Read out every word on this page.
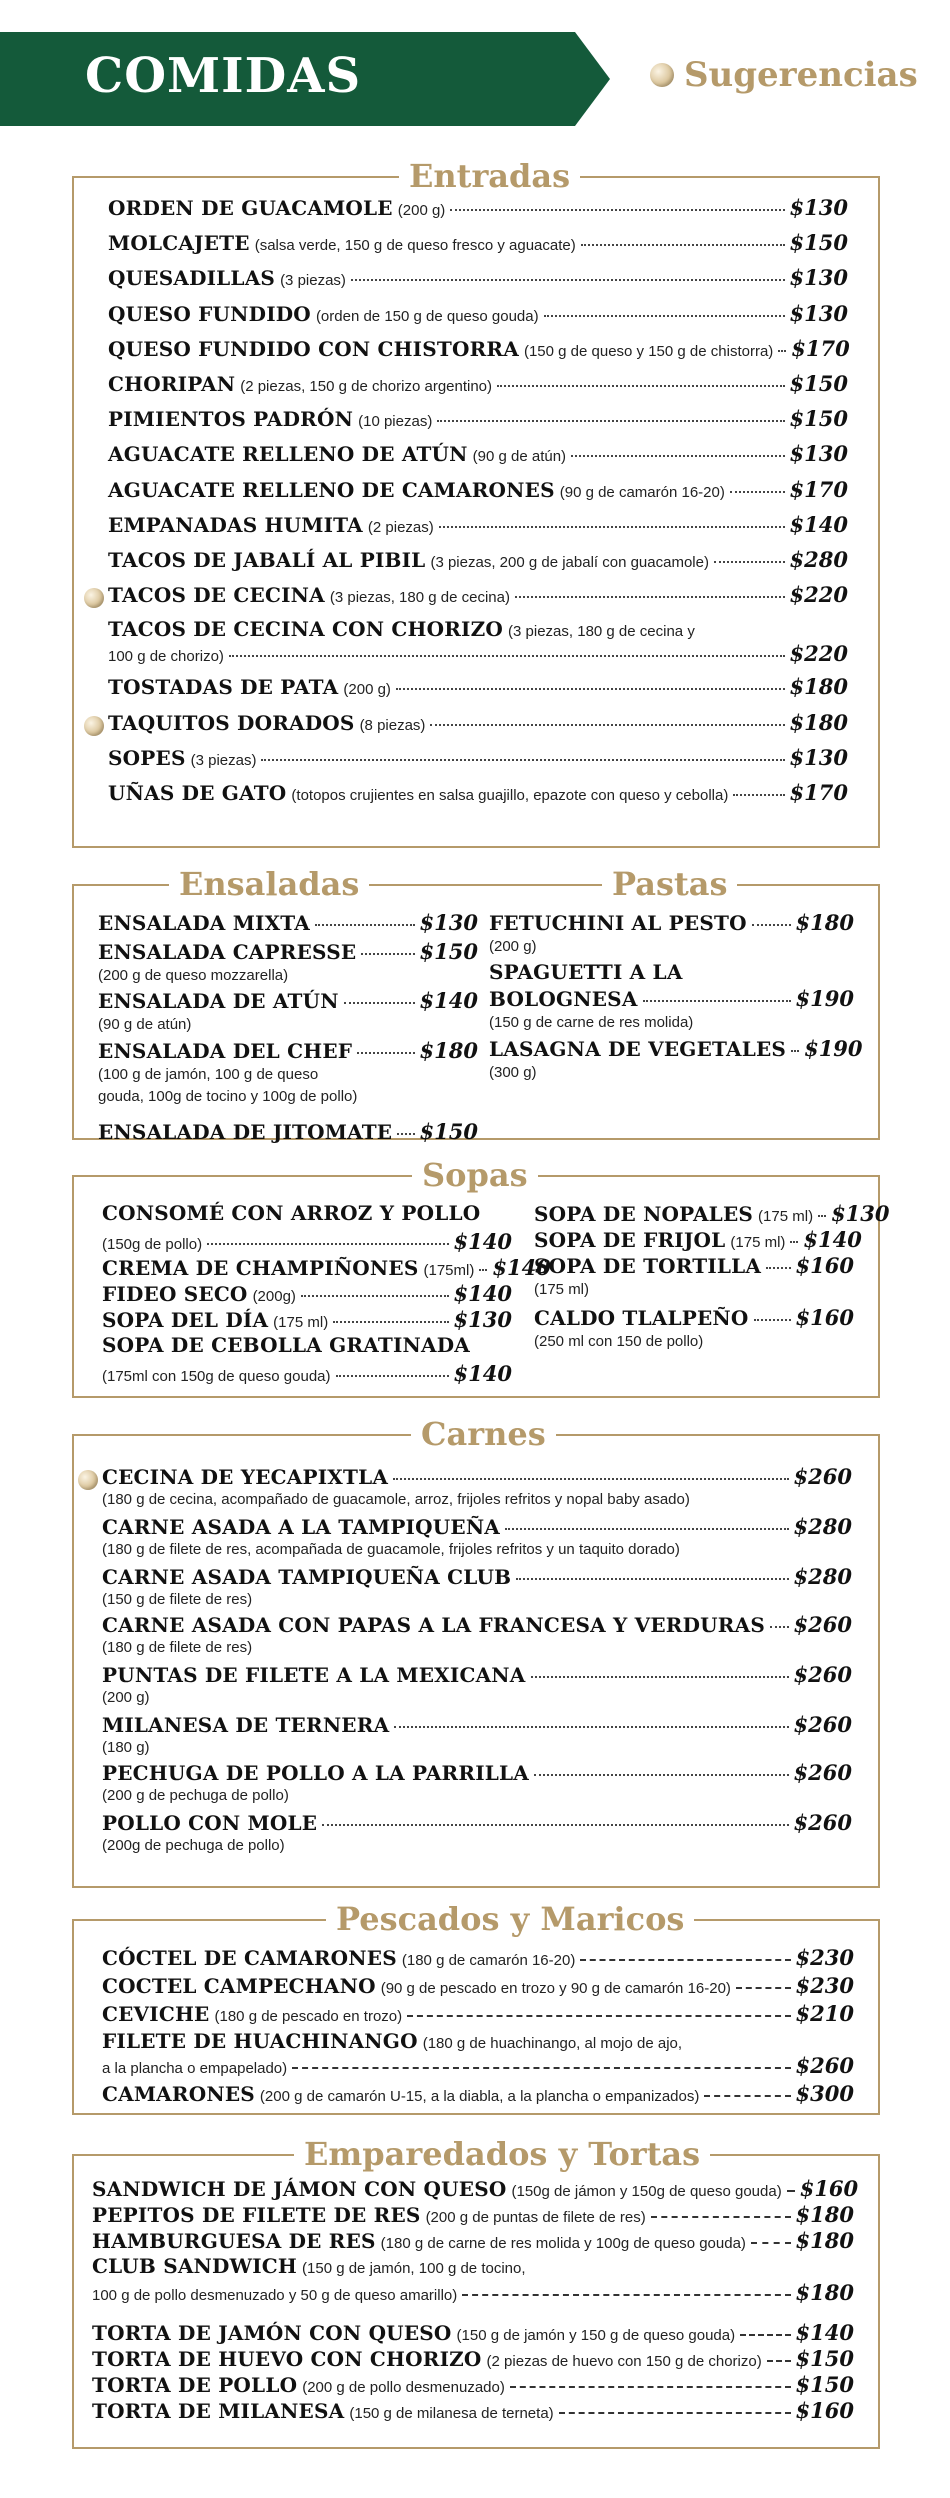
COMIDAS	Sugerencias
Entradas
ORDEN DE GUACAMOLE (200 g)	$130
MOLCAJETE (salsa verde, 150 g de queso fresco y aguacate)	$150
QUESADILLAS (3 piezas)	$130
QUESO FUNDIDO (orden de 150 g de queso gouda)	$130
QUESO FUNDIDO CON CHISTORRA (150 g de queso y 150 g de chistorra) $170
CHORIPAN (2 piezas, 150 g de chorizo argentino)	$150
PIMIENTOS PADRÓN (10 piezas)	$150
AGUACATE RELLENO DE ATÚN (90 g de atún)	$130
AGUACATE RELLENO DE CAMARONES (90 g de camarón 16-20)	$170
EMPANADAS HUMITA (2 piezas)	$140
TACOS DE JABALÍ AL PIBIL (3 piezas, 200 g de jabalí con guacamole)	$280
TACOS DE CECINA (3 piezas, 180 g de cecina)	$220
TACOS DE CECINA CON CHORIZO (3 piezas, 180 g de cecina y
100 g de chorizo)	$220
TOSTADAS DE PATA (200 g)	$180
TAQUITOS DORADOS (8 piezas)	$180
SOPES (3 piezas)	$130
UÑAS DE GATO (totopos crujientes en salsa guajillo, epazote con queso y cebolla)	$170
Ensaladas	Pastas
ENSALADA MIXTA	$130
ENSALADA CAPRESSE	$150
(200 g de queso mozzarella)
ENSALADA DE ATÚN	$140
(90 g de atún)
ENSALADA DEL CHEF	$180
(100 g de jamón, 100 g de queso
gouda, 100g de tocino y 100g de pollo)
ENSALADA DE JITOMATE $150
FETUCHINI AL PESTO $180
(200 g)
SPAGUETTI A LA
BOLOGNESA	$190
(150 g de carne de res molida)
LASAGNA DE VEGETALES $190
(300 g)
Sopas
CONSOMÉ CON ARROZ Y POLLO
(150g de pollo)	$140
CREMA DE CHAMPIÑONES (175ml) $140
FIDEO SECO (200g)	$140
SOPA DEL DÍA (175 ml)	$130
SOPA DE CEBOLLA GRATINADA
(175ml con 150g de queso gouda)	$140
SOPA DE NOPALES (175 ml) $130
SOPA DE FRIJOL (175 ml) $140
SOPA DE TORTILLA $160
(175 ml)
CALDO TLALPEÑO $160
(250 ml con 150 de pollo)
Carnes
CECINA DE YECAPIXTLA	$260
(180 g de cecina, acompañado de guacamole, arroz, frijoles refritos y nopal baby asado)
CARNE ASADA A LA TAMPIQUEÑA	$280
(180 g de filete de res, acompañada de guacamole, frijoles refritos y un taquito dorado)
CARNE ASADA TAMPIQUEÑA CLUB	$280
(150 g de filete de res)
CARNE ASADA CON PAPAS A LA FRANCESA Y VERDURAS $260
(180 g de filete de res)
PUNTAS DE FILETE A LA MEXICANA	$260
(200 g)
MILANESA DE TERNERA	$260
(180 g)
PECHUGA DE POLLO A LA PARRILLA	$260
(200 g de pechuga de pollo)
POLLO CON MOLE	$260
(200g de pechuga de pollo)
Pescados y Maricos
CÓCTEL DE CAMARONES (180 g de camarón 16-20)	$230
COCTEL CAMPECHANO (90 g de pescado en trozo y 90 g de camarón 16-20)	$230
CEVICHE (180 g de pescado en trozo)	$210
FILETE DE HUACHINANGO (180 g de huachinango, al mojo de ajo,
a la plancha o empapelado)	$260
CAMARONES (200 g de camarón U-15, a la diabla, a la plancha o empanizados)	$300
Emparedados y Tortas
SANDWICH DE JÁMON CON QUESO (150g de jámon y 150g de queso gouda) $160
PEPITOS DE FILETE DE RES (200 g de puntas de filete de res)	$180
HAMBURGUESA DE RES (180 g de carne de res molida y 100g de queso gouda) $180
CLUB SANDWICH (150 g de jamón, 100 g de tocino,
100 g de pollo desmenuzado y 50 g de queso amarillo)	$180
TORTA DE JAMÓN CON QUESO (150 g de jamón y 150 g de queso gouda)	$140
TORTA DE HUEVO CON CHORIZO (2 piezas de huevo con 150 g de chorizo) $150
TORTA DE POLLO (200 g de pollo desmenuzado)	$150
TORTA DE MILANESA (150 g de milanesa de terneta)	$160
